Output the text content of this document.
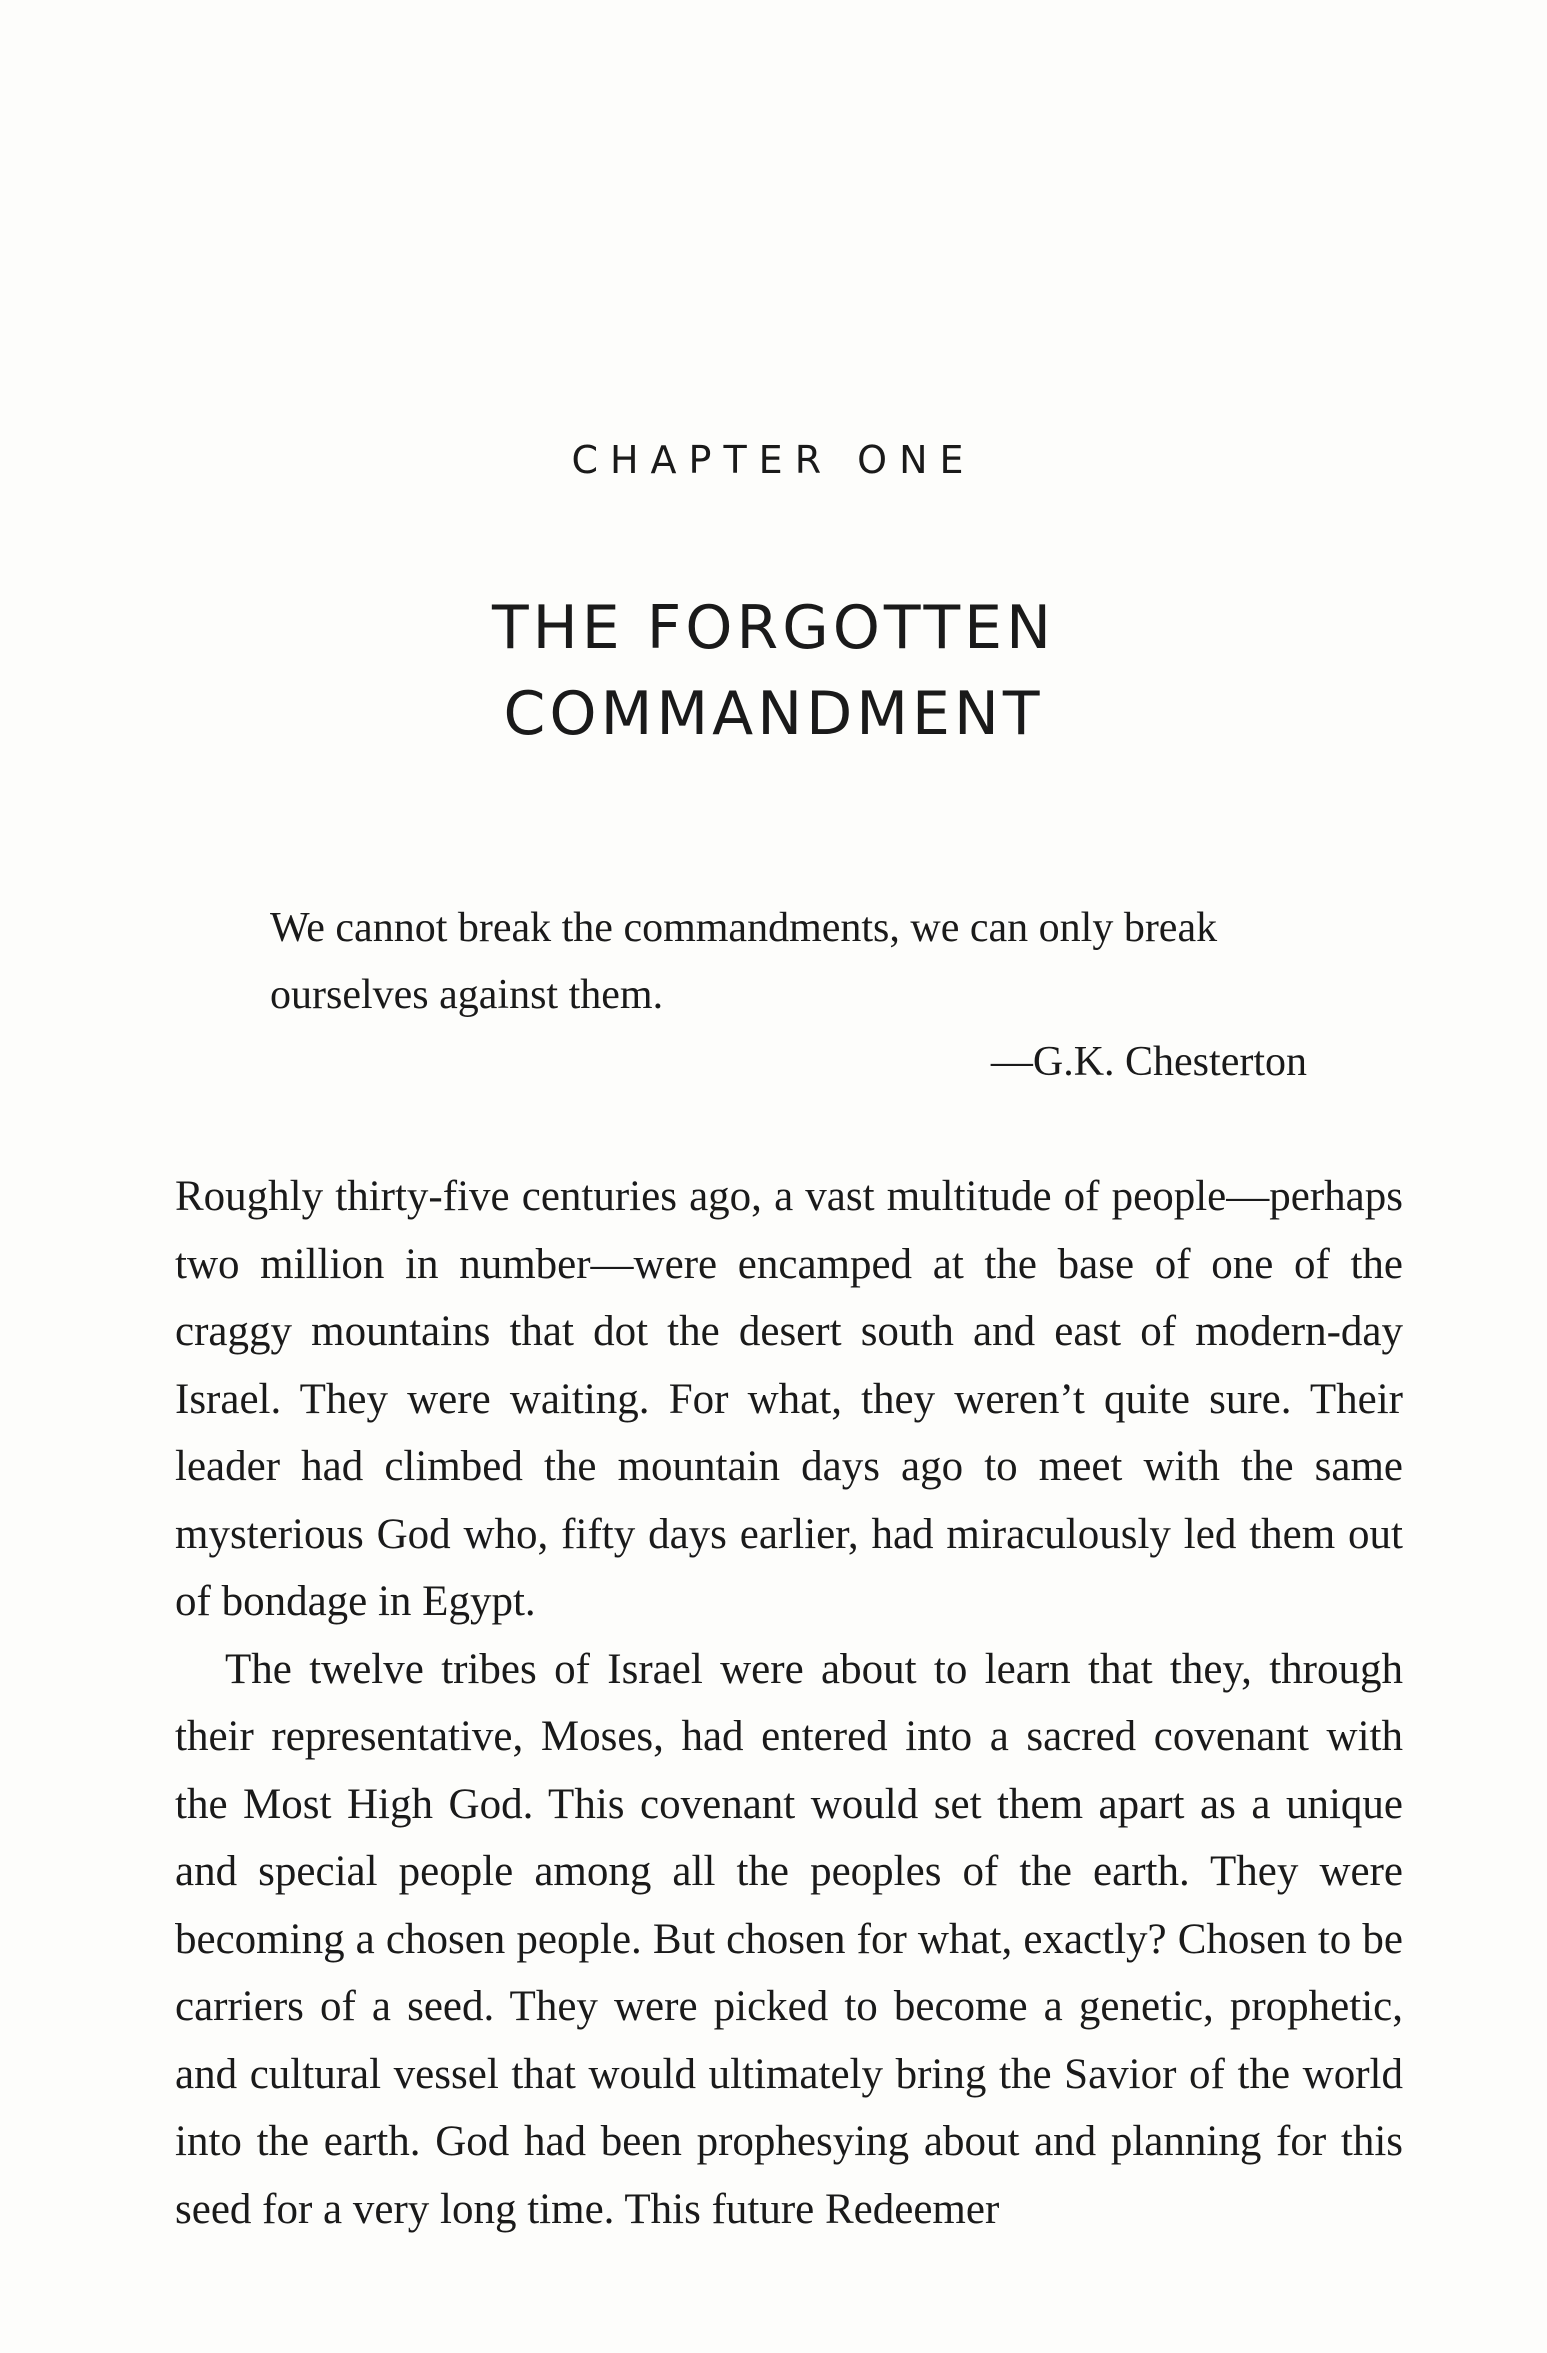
CHAPTER ONE
THE FORGOTTEN
COMMANDMENT

We cannot break the commandments, we can only break ourselves against them.

—G.K. Chesterton

Roughly thirty-five centuries ago, a vast multitude of people—perhaps two million in number—were encamped at the base of one of the craggy mountains that dot the desert south and east of modern-day Israel. They were waiting. For what, they weren’t quite sure. Their leader had climbed the mountain days ago to meet with the same mysterious God who, fifty days earlier, had miraculously led them out of bondage in Egypt.

The twelve tribes of Israel were about to learn that they, through their representative, Moses, had entered into a sacred covenant with the Most High God. This covenant would set them apart as a unique and special people among all the peoples of the earth. They were becoming a chosen people. But chosen for what, exactly? Chosen to be carriers of a seed. They were picked to become a genetic, prophetic, and cultural vessel that would ultimately bring the Savior of the world into the earth. God had been prophesying about and planning for this seed for a very long time. This future Redeemer
